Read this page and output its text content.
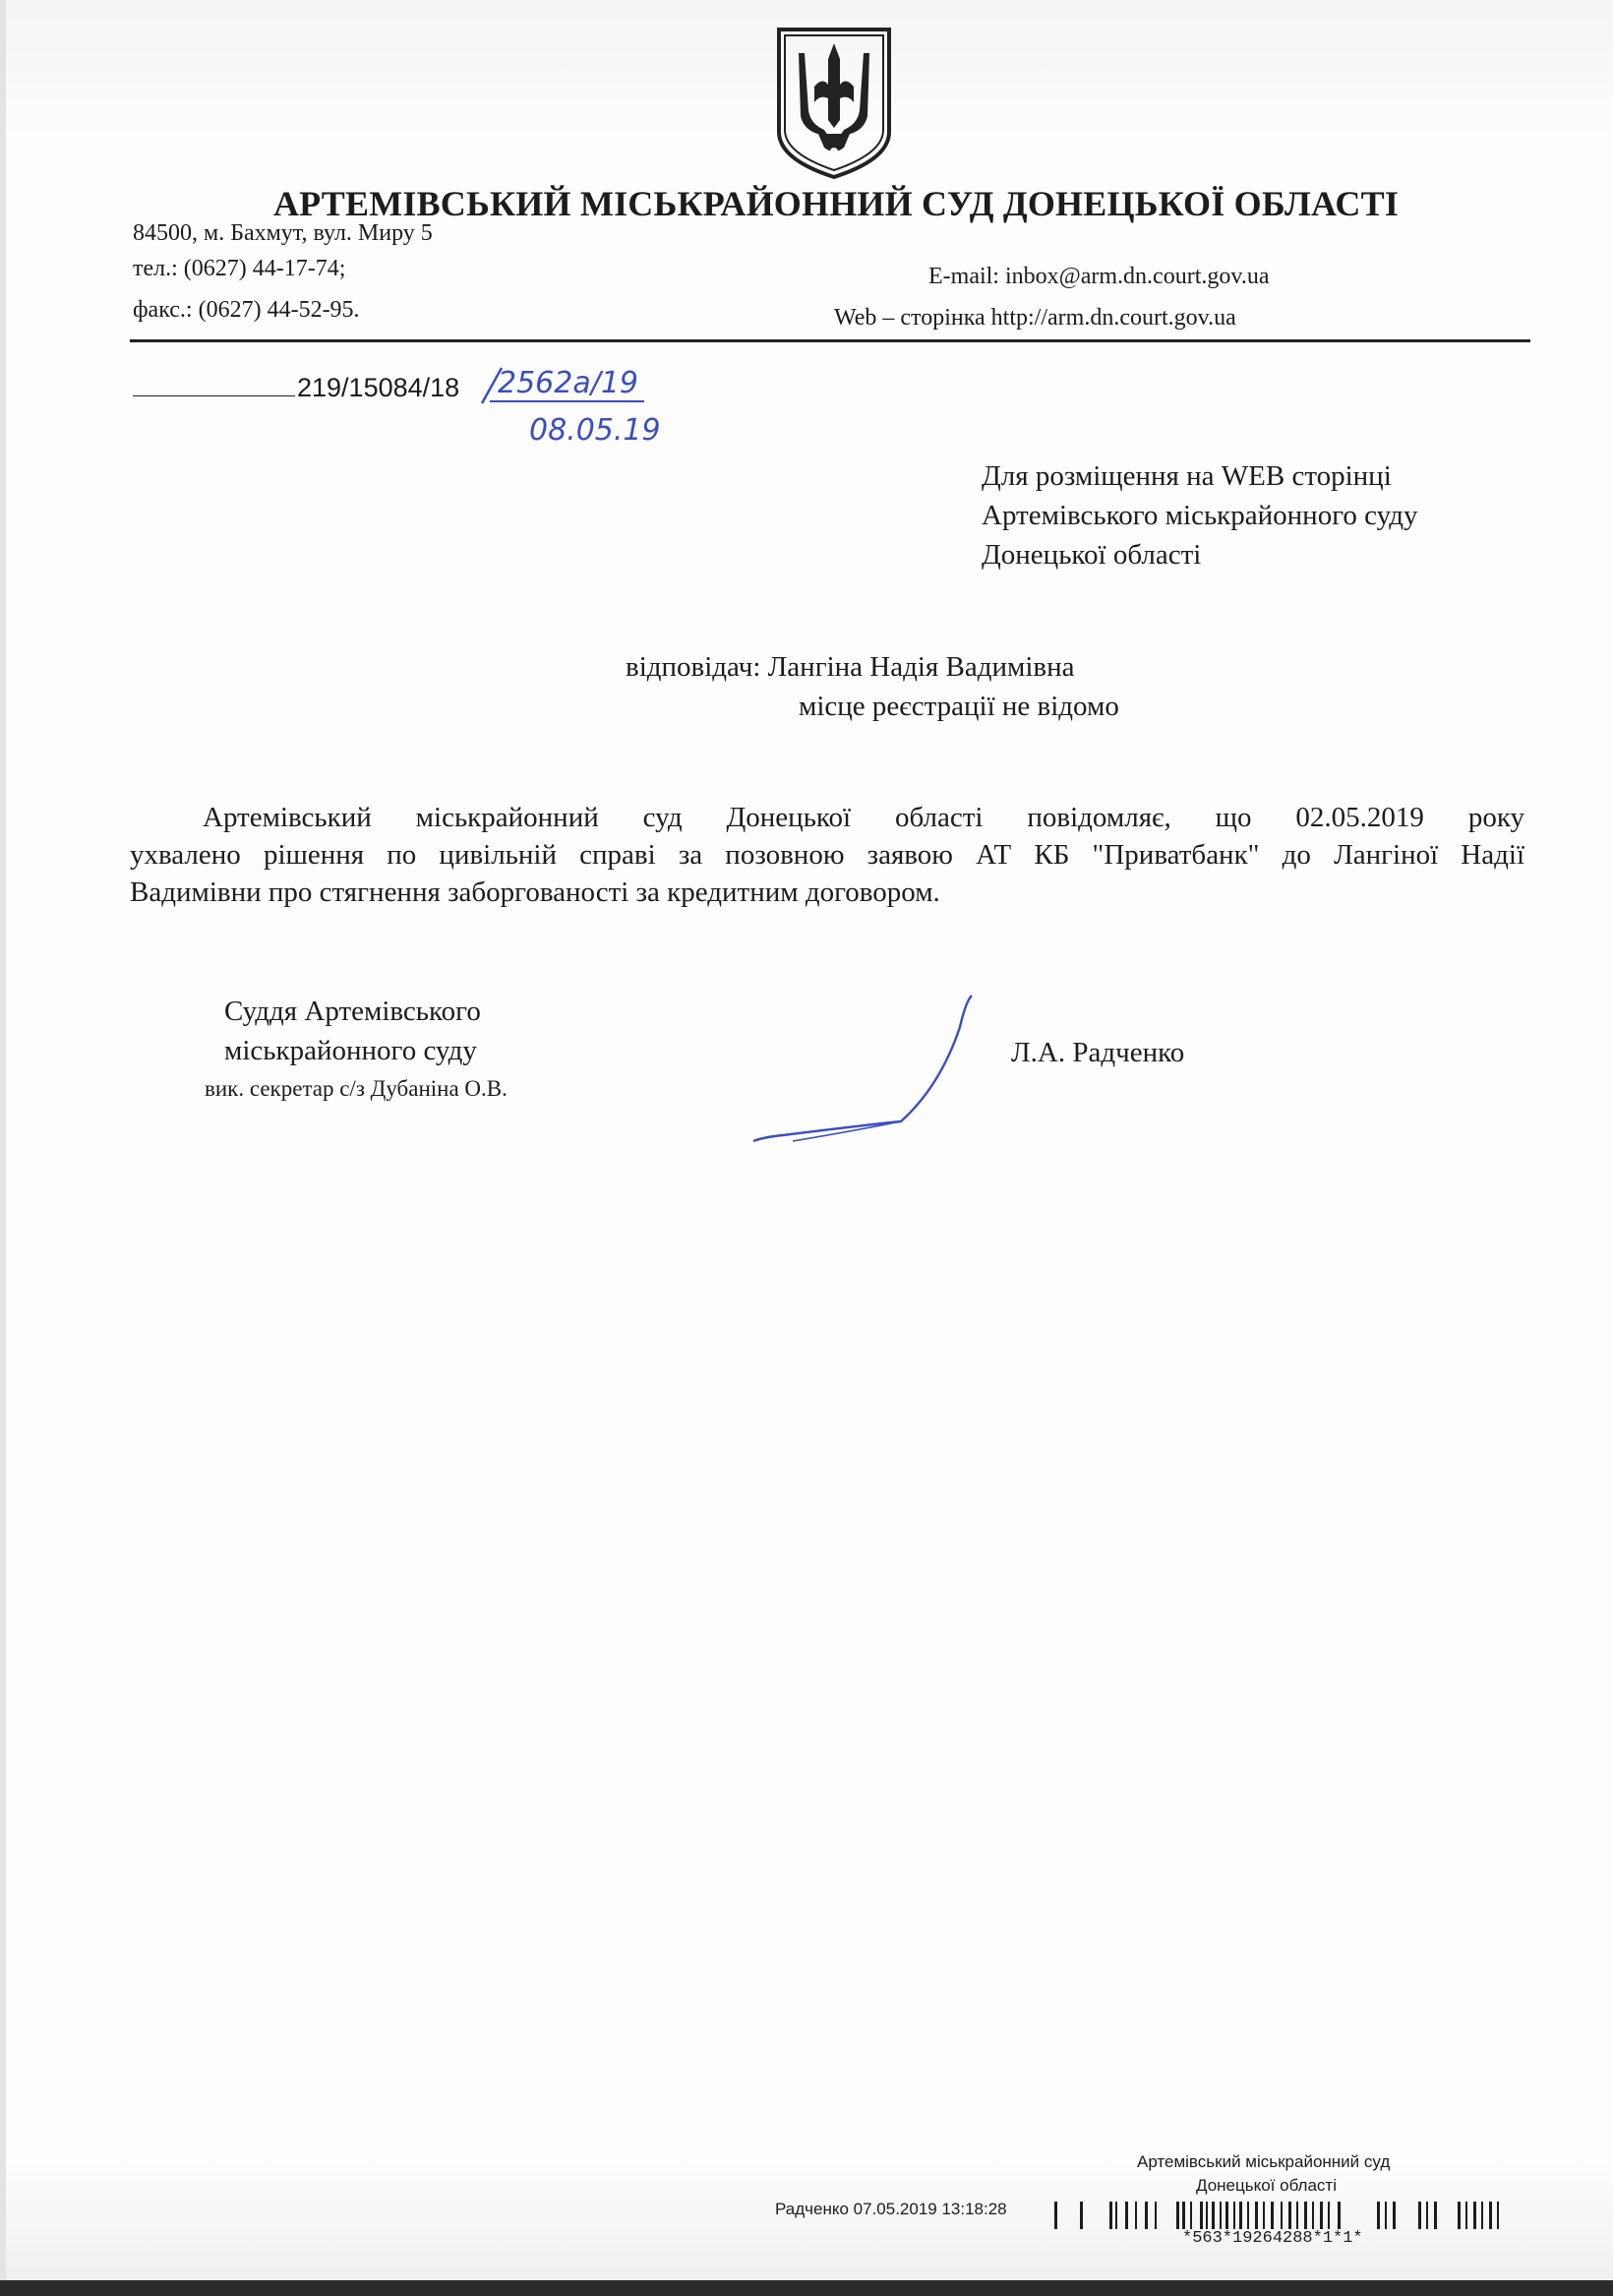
АРТЕМІВСЬКИЙ МІСЬКРАЙОННИЙ СУД ДОНЕЦЬКОЇ ОБЛАСТІ
84500, м. Бахмут, вул. Миру 5
тел.: (0627) 44-17-74;
факс.: (0627) 44-52-95.
E-mail: inbox@arm.dn.court.gov.ua
Web – сторінка http://arm.dn.court.gov.ua
219/15084/18 2562а/19
08.05.19
Для розміщення на WEB сторінці
Артемівського міськрайонного суду
Донецької області
відповідач: Лангіна Надія Вадимівна
місце реєстрації не відомо
Артемівський міськрайонний суд Донецької області повідомляє, що 02.05.2019 року
ухвалено рішення по цивільній справі за позовною заявою АТ КБ "Приватбанк" до Лангіної Надії
Вадимівни про стягнення заборгованості за кредитним договором.
Суддя Артемівського
міськрайонного суду
вик. секретар с/з Дубаніна О.В.
Л.А. Радченко
Артемівський міськрайонний суд
Донецької області
Радченко 07.05.2019 13:18:28
*563*19264288*1*1*
